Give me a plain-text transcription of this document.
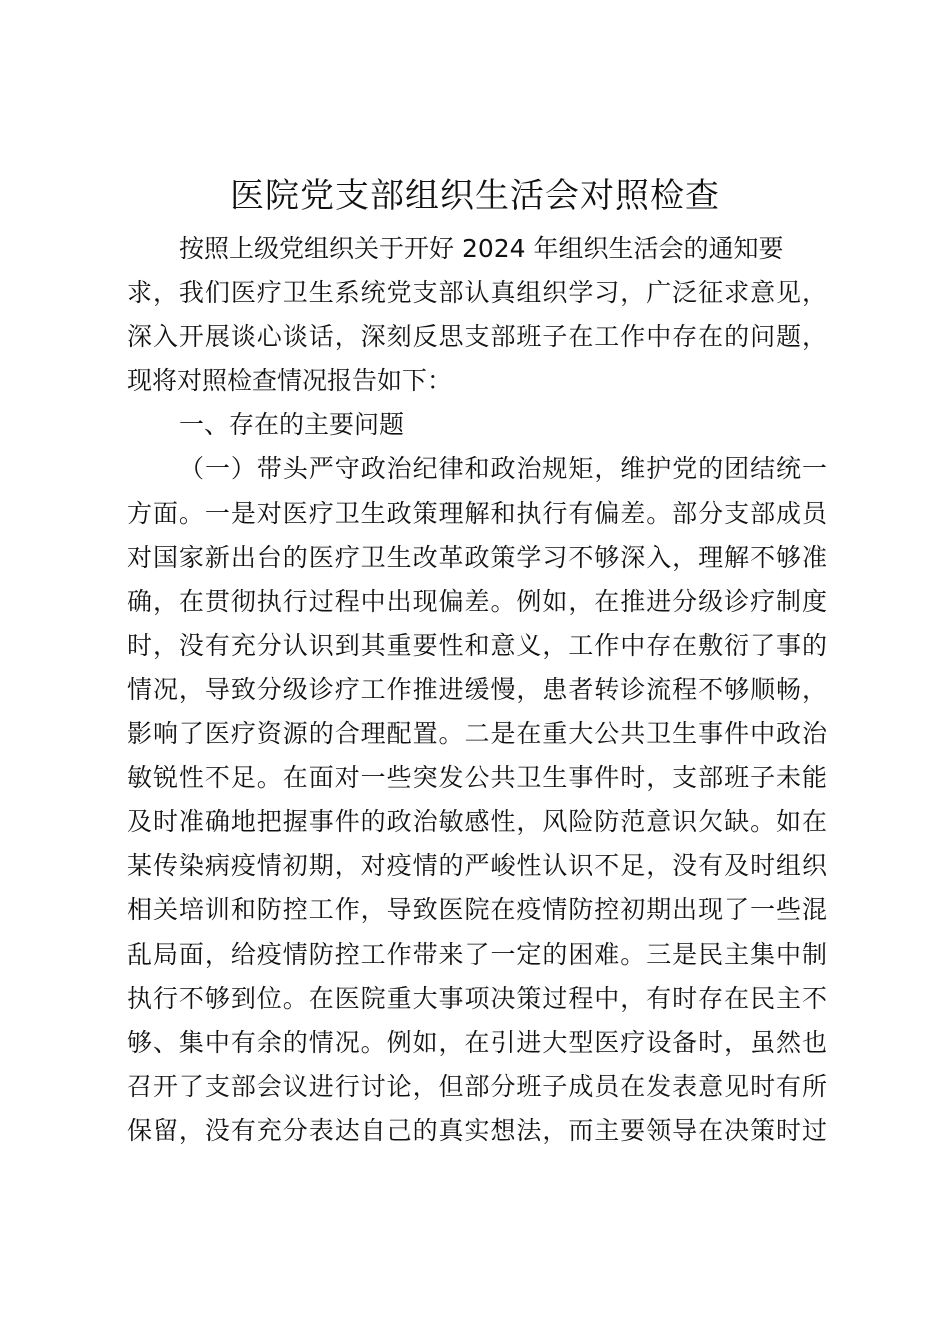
医院党支部组织生活会对照检查
按照上级党组织关于开好 2024 年组织生活会的通知要
求，我们医疗卫生系统党支部认真组织学习，广泛征求意见，
深入开展谈心谈话，深刻反思支部班子在工作中存在的问题，
现将对照检查情况报告如下：
一、存在的主要问题
（一）带头严守政治纪律和政治规矩，维护党的团结统一
方面。一是对医疗卫生政策理解和执行有偏差。部分支部成员
对国家新出台的医疗卫生改革政策学习不够深入，理解不够准
确，在贯彻执行过程中出现偏差。例如，在推进分级诊疗制度
时，没有充分认识到其重要性和意义，工作中存在敷衍了事的
情况，导致分级诊疗工作推进缓慢，患者转诊流程不够顺畅，
影响了医疗资源的合理配置。二是在重大公共卫生事件中政治
敏锐性不足。在面对一些突发公共卫生事件时，支部班子未能
及时准确地把握事件的政治敏感性，风险防范意识欠缺。如在
某传染病疫情初期，对疫情的严峻性认识不足，没有及时组织
相关培训和防控工作，导致医院在疫情防控初期出现了一些混
乱局面，给疫情防控工作带来了一定的困难。三是民主集中制
执行不够到位。在医院重大事项决策过程中，有时存在民主不
够、集中有余的情况。例如，在引进大型医疗设备时，虽然也
召开了支部会议进行讨论，但部分班子成员在发表意见时有所
保留，没有充分表达自己的真实想法，而主要领导在决策时过
